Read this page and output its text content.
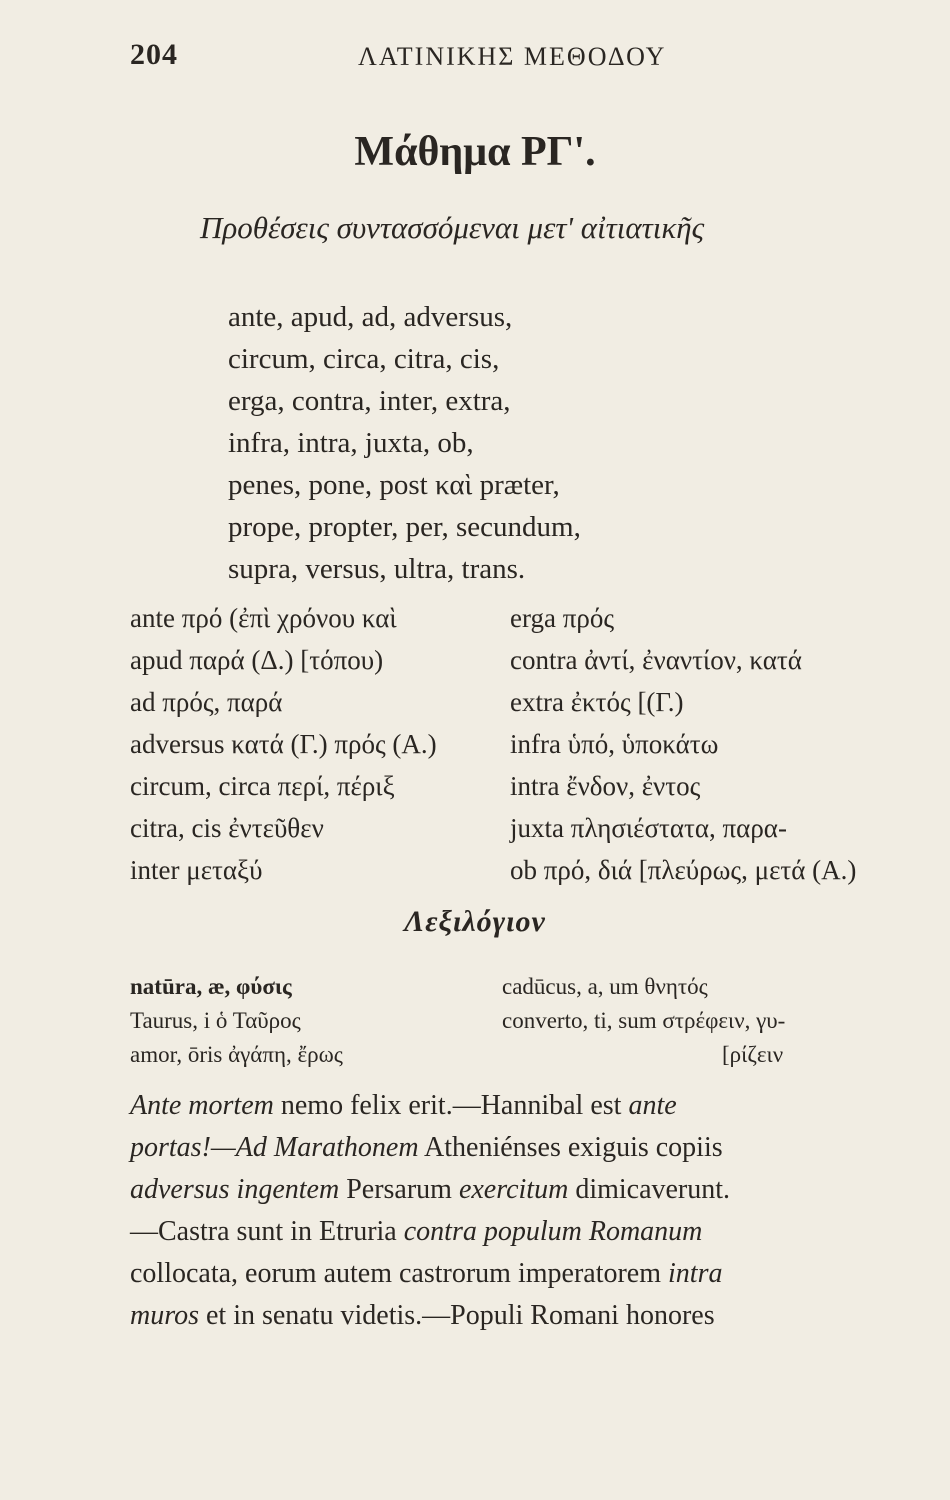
204	ΛΑΤΙΝΙΚΗΣ ΜΕΘΟΔΟΥ
Μάθημα ΡΓ'.
Προθέσεις συντασσόμεναι μετ' αἰτιατικῆς
ante, apud, ad, adversus,
circum, circa, citra, cis,
erga, contra, inter, extra,
infra, intra, juxta, ob,
penes, pone, post καὶ præter,
prope, propter, per, secundum,
supra, versus, ultra, trans.
ante πρό (ἐπὶ χρόνου καὶ
apud παρά (Δ.) [τόπου)
ad πρός, παρά
adversus κατά (Γ.) πρός (Α.)
circum, circa περί, πέριξ
citra, cis ἐντεῦθεν
inter μεταξύ
erga πρός
contra ἀντί, ἐναντίον, κατά
extra ἐκτός [(Γ.)
infra ὑπό, ὑποκάτω
intra ἔνδον, ἐντος
juxta πλησιέστατα, παρα-
ob πρό, διά [πλεύρως, μετά (Α.)
Λεξιλόγιον
natūra, æ, φύσις
Taurus, i ὁ Ταῦρος
amor, ōris ἀγάπη, ἔρως
cadūcus, a, um θνητός
converto, ti, sum στρέφειν, γυ-
[ρίζειν

Ante mortem nemo felix erit.—Hannibal est ante
portas!—Ad Marathonem Atheniénses exiguis copiis
adversus ingentem Persarum exercitum dimicaverunt.
—Castra sunt in Etruria contra populum Romanum
collocata, eorum autem castrorum imperatorem intra
muros et in senatu videtis.—Populi Romani honores
